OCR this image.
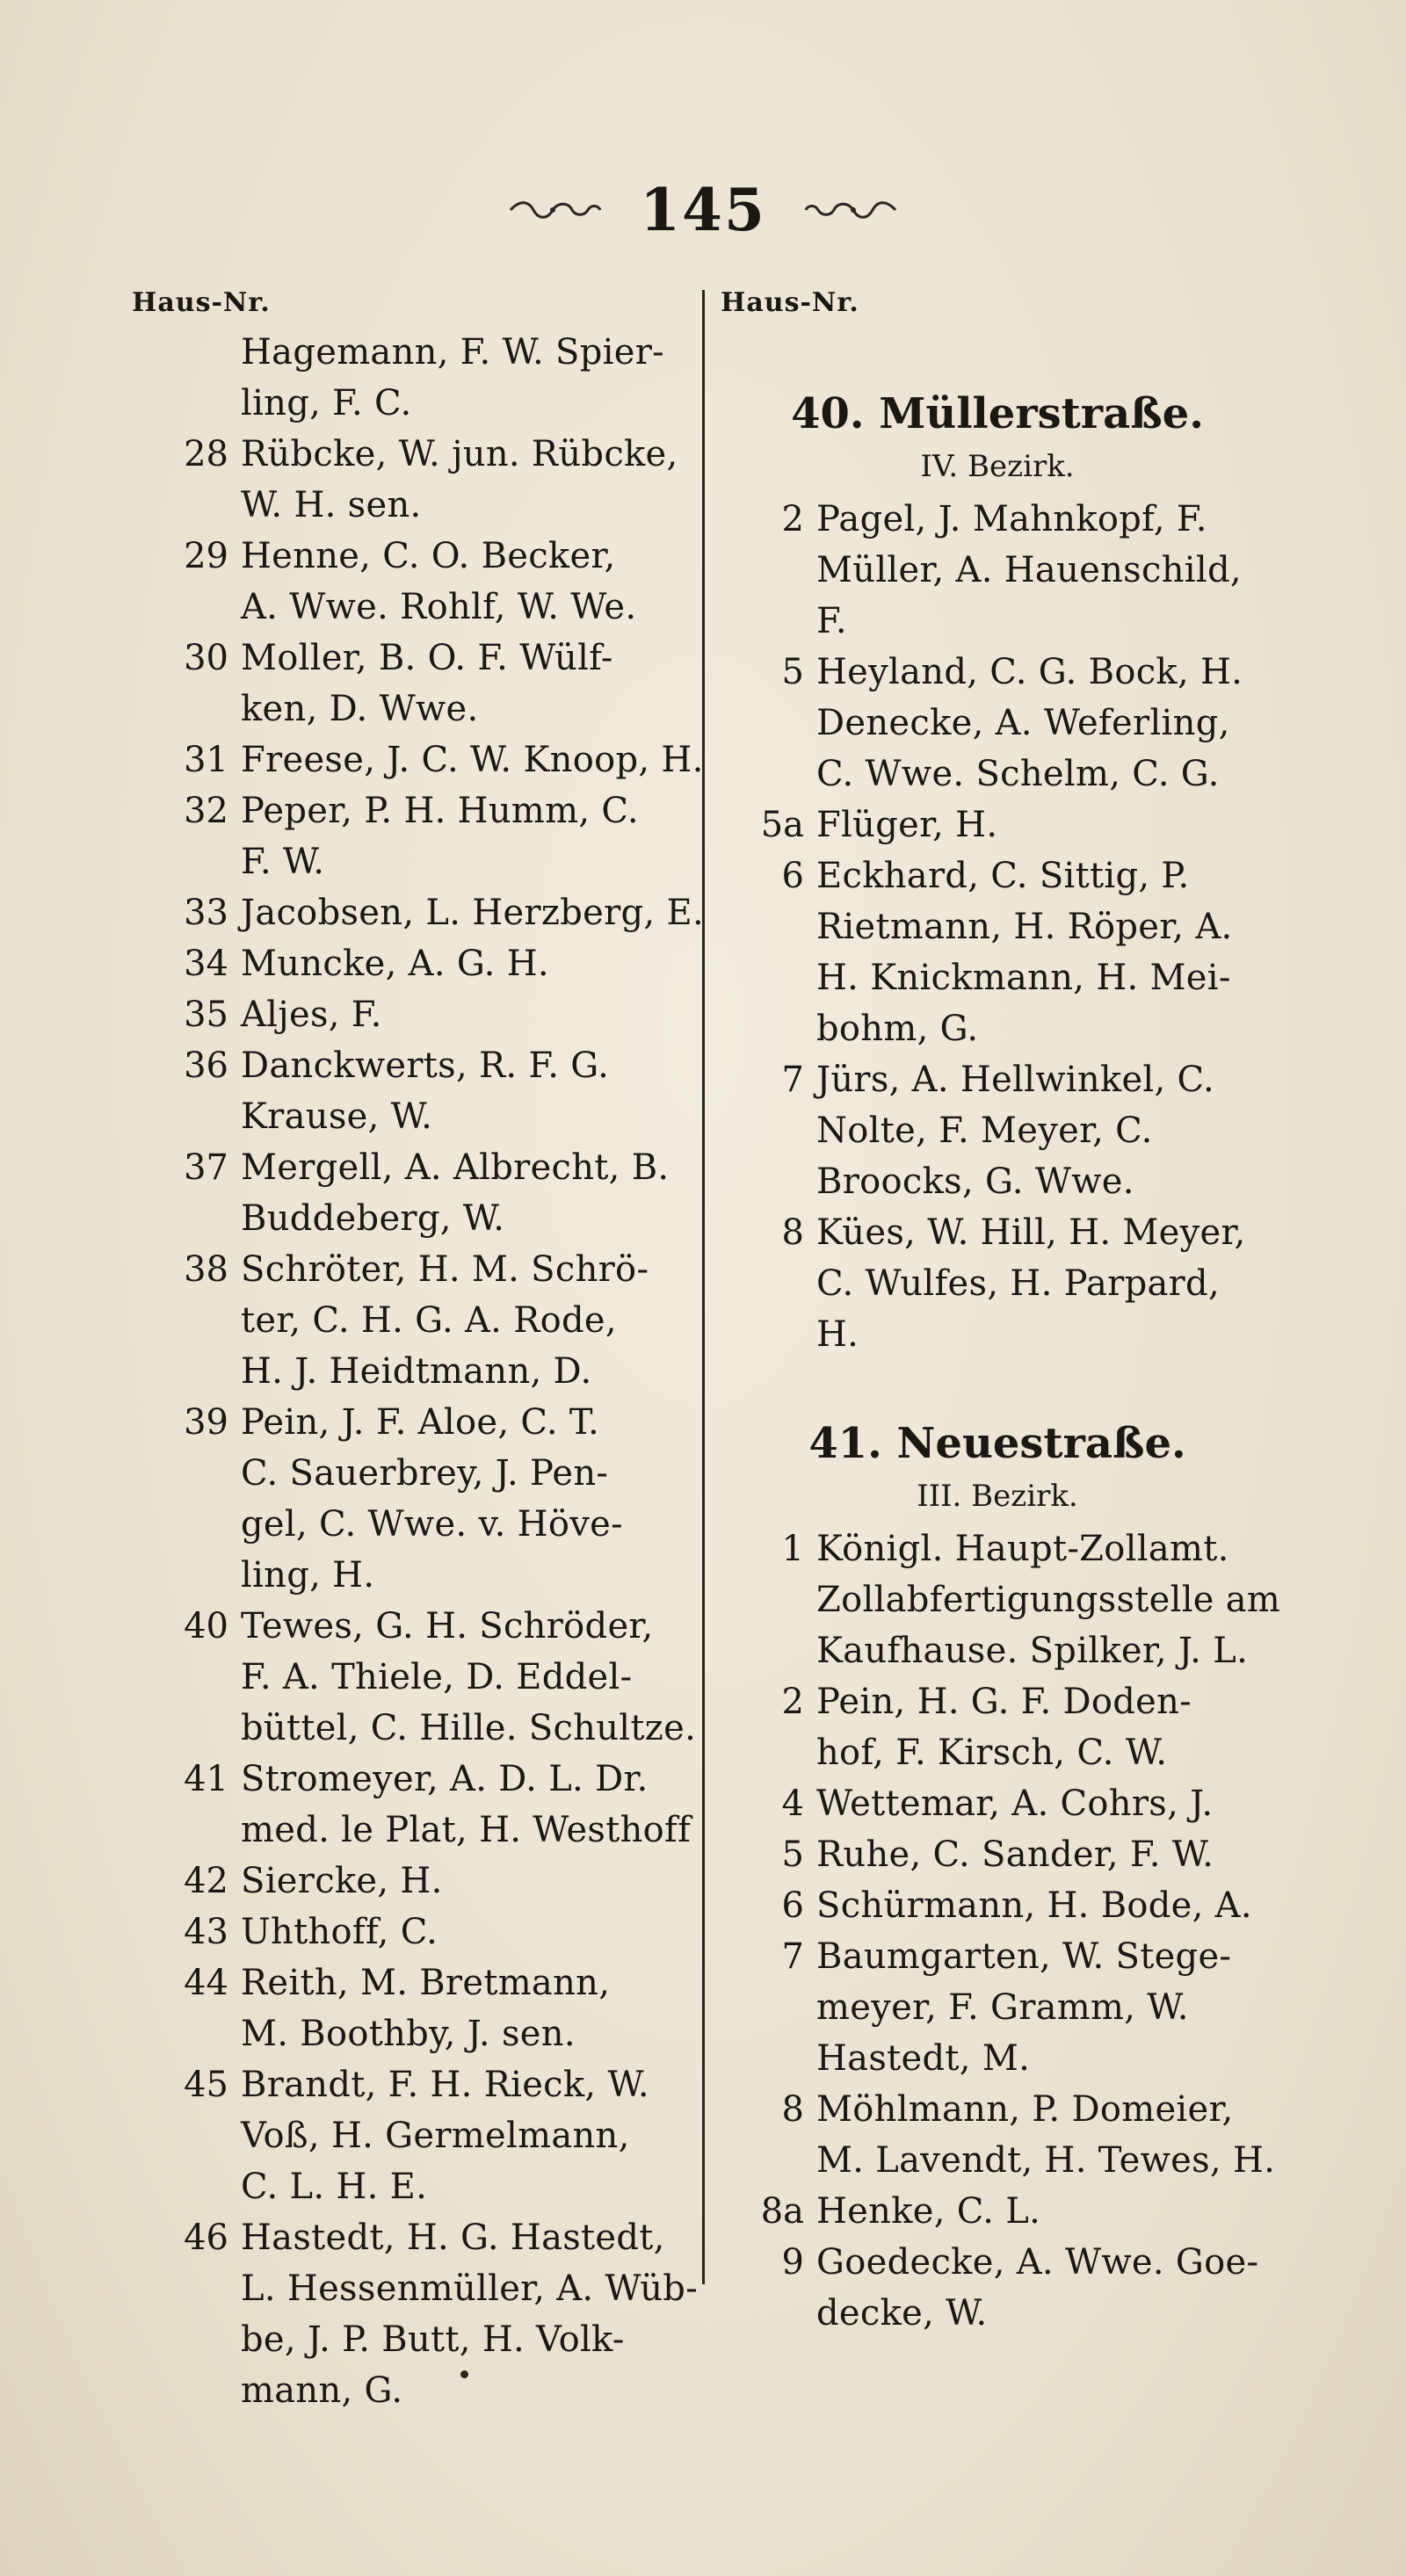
145
Haus-Nr.
Hagemann, F. W. Spier-
ling, F. C.
28 Rübcke, W. jun. Rübcke,
W. H. sen.
29 Henne, C. O. Becker,
A. Wwe. Rohlf, W. We.
30 Moller, B. O. F. Wülf-
ken, D. Wwe.
31 Freese, J. C. W. Knoop, H.
32 Peper, P. H. Humm, C.
F. W.
33 Jacobsen, L. Herzberg, E.
34 Muncke, A. G. H.
35 Aljes, F.
36 Danckwerts, R. F. G.
Krause, W.
37 Mergell, A. Albrecht, B.
Buddeberg, W.
38 Schröter, H. M. Schrö-
ter, C. H. G. A. Rode,
H. J. Heidtmann, D.
39 Pein, J. F. Aloe, C. T.
C. Sauerbrey, J. Pen-
gel, C. Wwe. v. Höve-
ling, H.
40 Tewes, G. H. Schröder,
F. A. Thiele, D. Eddel-
büttel, C. Hille. Schultze.
41 Stromeyer, A. D. L. Dr.
med. le Plat, H. Westhoff
42 Siercke, H.
43 Uhthoff, C.
44 Reith, M. Bretmann,
M. Boothby, J. sen.
45 Brandt, F. H. Rieck, W.
Voß, H. Germelmann,
C. L. H. E.
46 Hastedt, H. G. Hastedt,
L. Hessenmüller, A. Wüb-
be, J. P. Butt, H. Volk-
mann, G.
Haus-Nr.
40. Müllerstraße.
IV. Bezirk.
2 Pagel, J. Mahnkopf, F.
Müller, A. Hauenschild,
F.
5 Heyland, C. G. Bock, H.
Denecke, A. Weferling,
C. Wwe. Schelm, C. G.
5a Flüger, H.
6 Eckhard, C. Sittig, P.
Rietmann, H. Röper, A.
H. Knickmann, H. Mei-
bohm, G.
7 Jürs, A. Hellwinkel, C.
Nolte, F. Meyer, C.
Broocks, G. Wwe.
8 Kües, W. Hill, H. Meyer,
C. Wulfes, H. Parpard,
H.
41. Neuestraße.
III. Bezirk.
1 Königl. Haupt-Zollamt.
Zollabfertigungsstelle am
Kaufhause. Spilker, J. L.
2 Pein, H. G. F. Doden-
hof, F. Kirsch, C. W.
4 Wettemar, A. Cohrs, J.
5 Ruhe, C. Sander, F. W.
6 Schürmann, H. Bode, A.
7 Baumgarten, W. Stege-
meyer, F. Gramm, W.
Hastedt, M.
8 Möhlmann, P. Domeier,
M. Lavendt, H. Tewes, H.
8a Henke, C. L.
9 Goedecke, A. Wwe. Goe-
decke, W.
